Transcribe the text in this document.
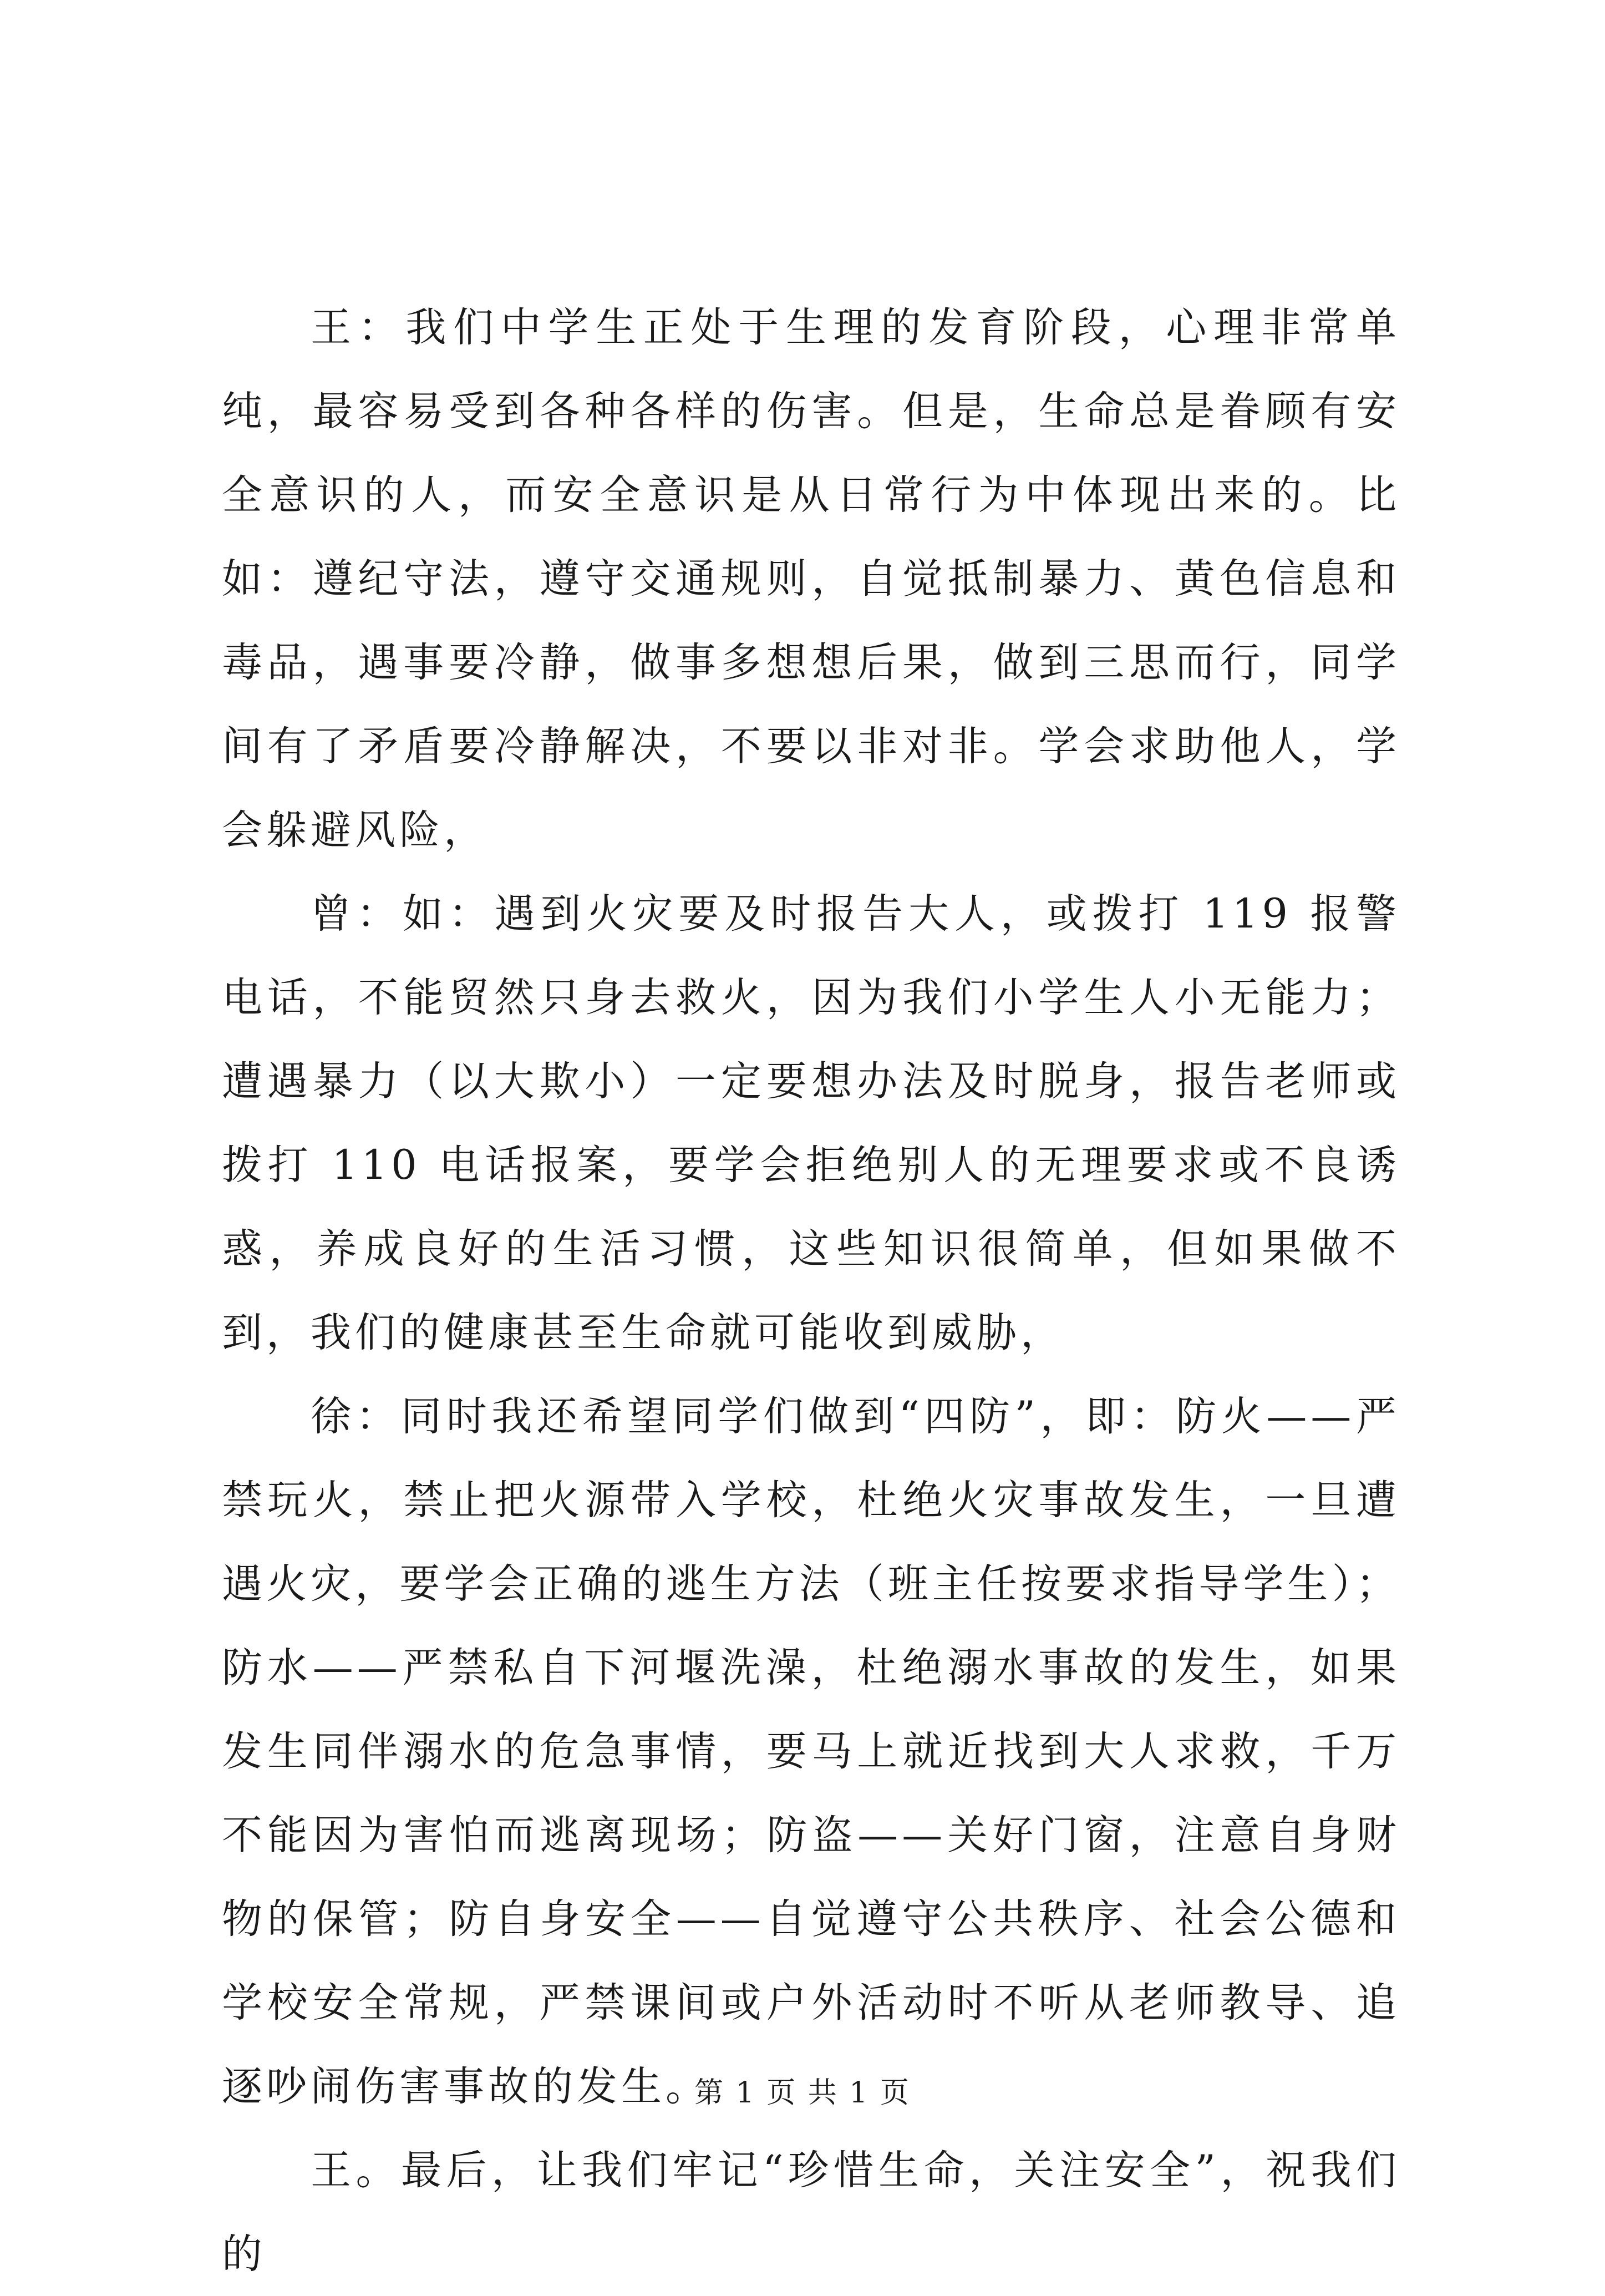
王：我们中学生正处于生理的发育阶段，心理非常单纯，最容易受到各种各样的伤害。但是，生命总是眷顾有安全意识的人，而安全意识是从日常行为中体现出来的。比如：遵纪守法，遵守交通规则，自觉抵制暴力、黄色信息和毒品，遇事要冷静，做事多想想后果，做到三思而行，同学间有了矛盾要冷静解决，不要以非对非。学会求助他人，学会躲避风险，

曾：如：遇到火灾要及时报告大人，或拨打 119 报警电话，不能贸然只身去救火，因为我们小学生人小无能力；遭遇暴力（以大欺小）一定要想办法及时脱身，报告老师或拨打 110 电话报案，要学会拒绝别人的无理要求或不良诱惑，养成良好的生活习惯，这些知识很简单，但如果做不到，我们的健康甚至生命就可能收到威胁，

徐：同时我还希望同学们做到“四防”，即：防火——严禁玩火，禁止把火源带入学校，杜绝火灾事故发生，一旦遭遇火灾，要学会正确的逃生方法（班主任按要求指导学生）；防水——严禁私自下河堰洗澡，杜绝溺水事故的发生，如果发生同伴溺水的危急事情，要马上就近找到大人求救，千万不能因为害怕而逃离现场；防盗——关好门窗，注意自身财物的保管；防自身安全——自觉遵守公共秩序、社会公德和学校安全常规，严禁课间或户外活动时不听从老师教导、追逐吵闹伤害事故的发生。

王。最后，让我们牢记“珍惜生命，关注安全”，祝我们的

第 1 页 共 1 页
